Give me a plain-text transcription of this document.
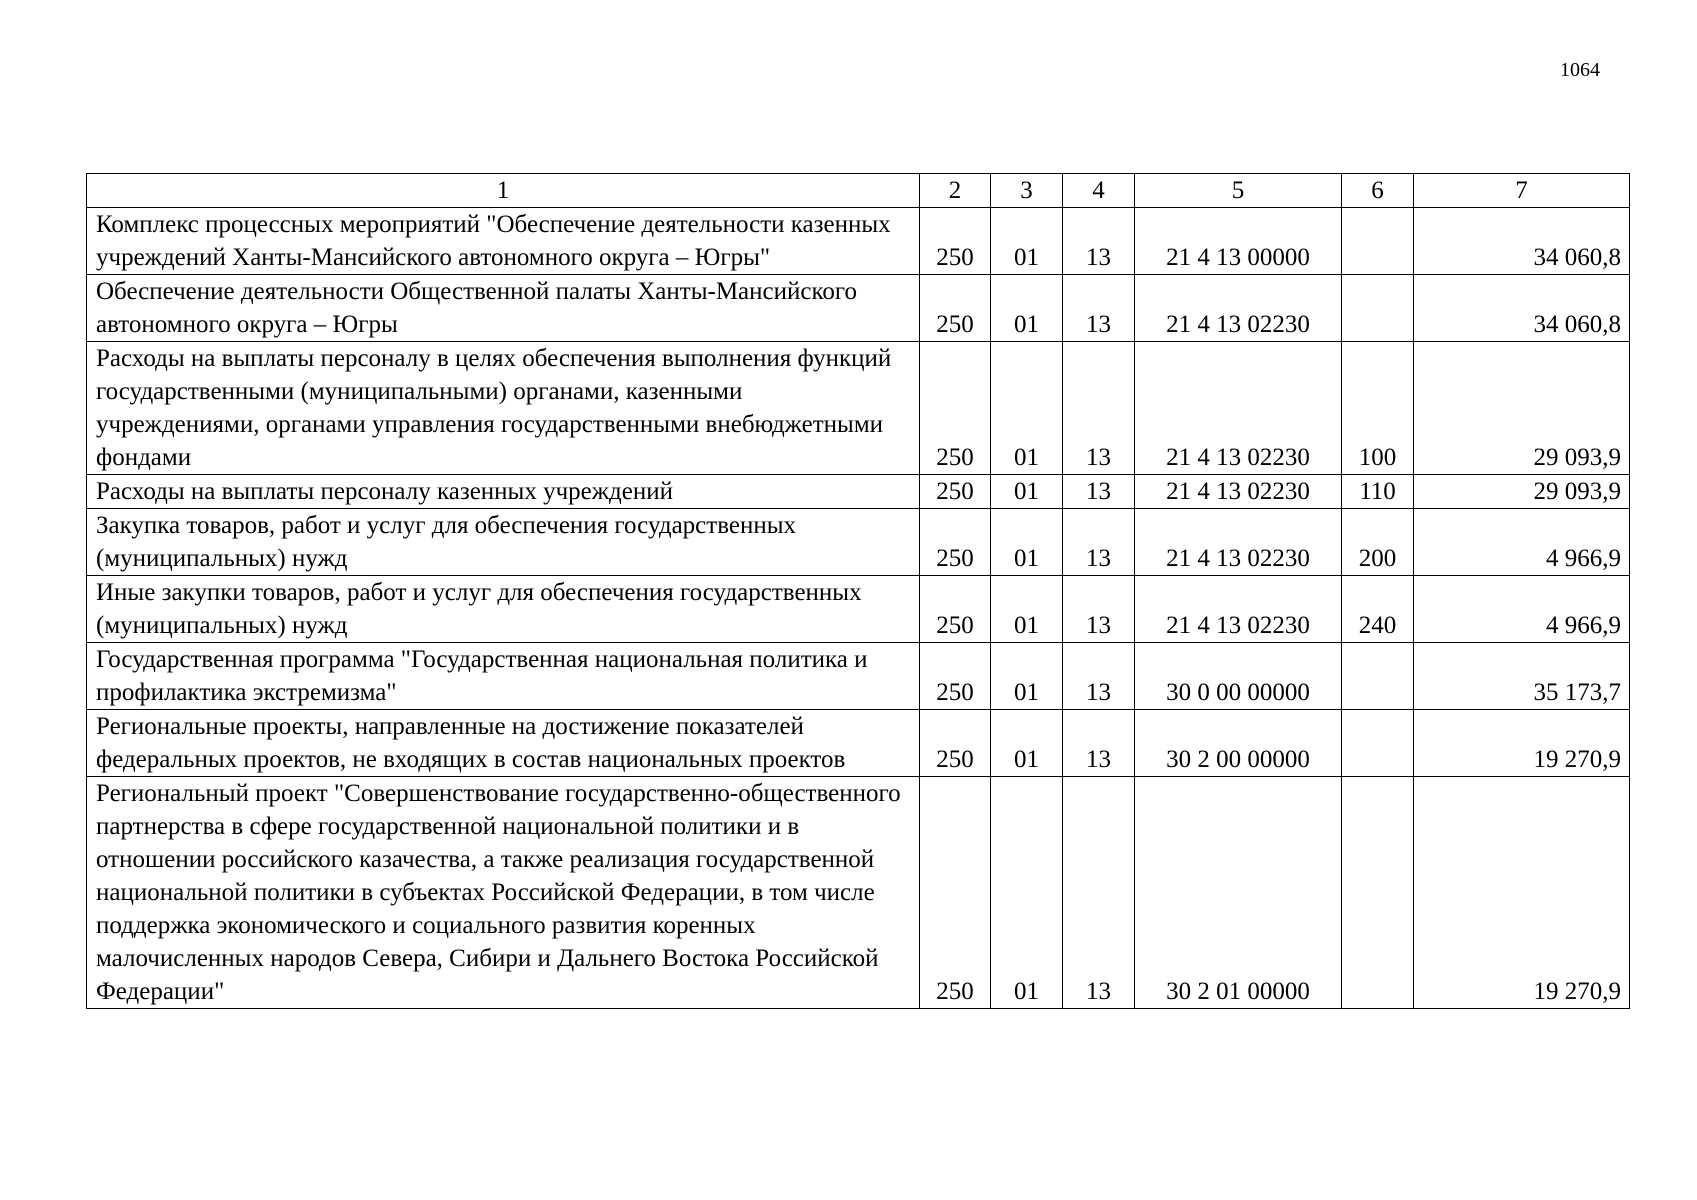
1064
1	2	3	4	5	6	7
Комплекс процессных мероприятий "Обеспечение деятельности казенных учреждений Ханты-Мансийского автономного округа – Югры"	250	01	13	21 4 13 00000		34 060,8
Обеспечение деятельности Общественной палаты Ханты-Мансийского автономного округа – Югры	250	01	13	21 4 13 02230		34 060,8
Расходы на выплаты персоналу в целях обеспечения выполнения функций государственными (муниципальными) органами, казенными учреждениями, органами управления государственными внебюджетными фондами	250	01	13	21 4 13 02230	100	29 093,9
Расходы на выплаты персоналу казенных учреждений	250	01	13	21 4 13 02230	110	29 093,9
Закупка товаров, работ и услуг для обеспечения государственных (муниципальных) нужд	250	01	13	21 4 13 02230	200	4 966,9
Иные закупки товаров, работ и услуг для обеспечения государственных (муниципальных) нужд	250	01	13	21 4 13 02230	240	4 966,9
Государственная программа "Государственная национальная политика и профилактика экстремизма"	250	01	13	30 0 00 00000		35 173,7
Региональные проекты, направленные на достижение показателей федеральных проектов, не входящих в состав национальных проектов	250	01	13	30 2 00 00000		19 270,9
Региональный проект "Совершенствование государственно-общественного партнерства в сфере государственной национальной политики и в отношении российского казачества, а также реализация государственной национальной политики в субъектах Российской Федерации, в том числе поддержка экономического и социального развития коренных малочисленных народов Севера, Сибири и Дальнего Востока Российской Федерации"	250	01	13	30 2 01 00000		19 270,9
